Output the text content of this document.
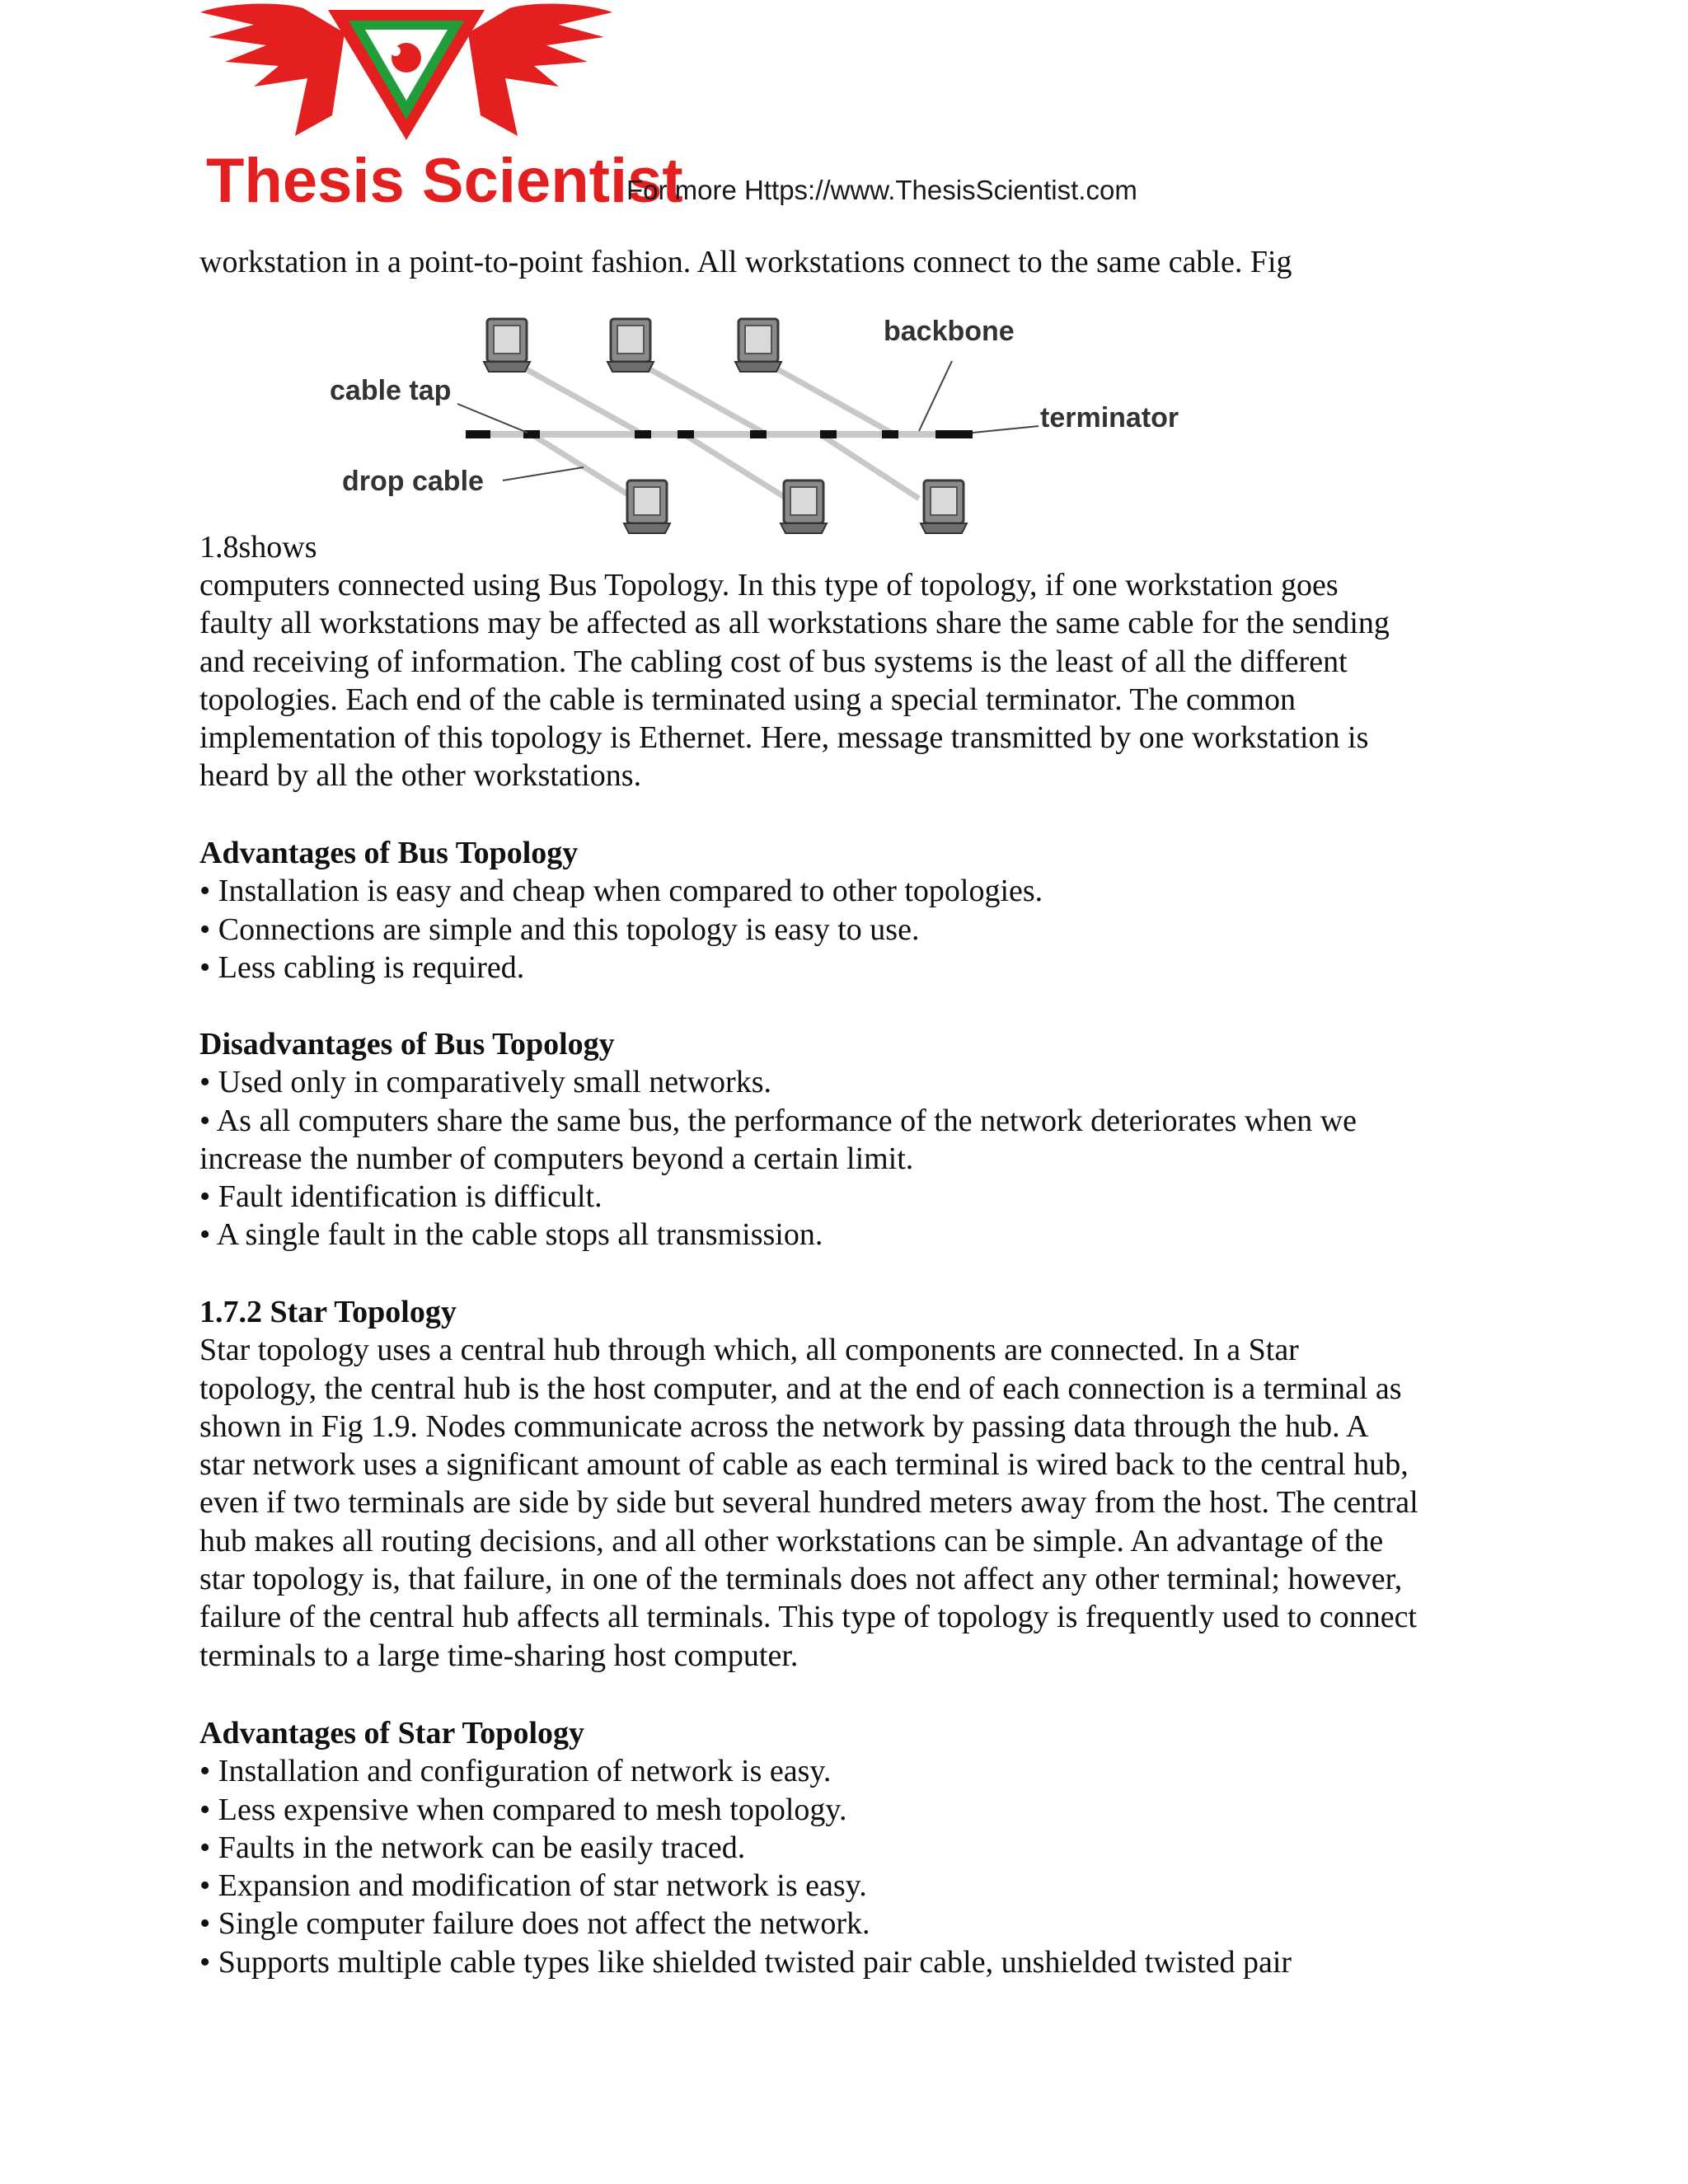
Thesis Scientist
For more Https://www.ThesisScientist.com
workstation in a point-to-point fashion. All workstations connect to the same cable. Fig
backbone
cable tap
terminator
drop cable
1.8shows
computers connected using Bus Topology. In this type of topology, if one workstation goes
faulty all workstations may be affected as all workstations share the same cable for the sending
and receiving of information. The cabling cost of bus systems is the least of all the different
topologies. Each end of the cable is terminated using a special terminator. The common
implementation of this topology is Ethernet. Here, message transmitted by one workstation is
heard by all the other workstations.
Advantages of Bus Topology
• Installation is easy and cheap when compared to other topologies.
• Connections are simple and this topology is easy to use.
• Less cabling is required.
Disadvantages of Bus Topology
• Used only in comparatively small networks.
• As all computers share the same bus, the performance of the network deteriorates when we
increase the number of computers beyond a certain limit.
• Fault identification is difficult.
• A single fault in the cable stops all transmission.
1.7.2 Star Topology
Star topology uses a central hub through which, all components are connected. In a Star
topology, the central hub is the host computer, and at the end of each connection is a terminal as
shown in Fig 1.9. Nodes communicate across the network by passing data through the hub. A
star network uses a significant amount of cable as each terminal is wired back to the central hub,
even if two terminals are side by side but several hundred meters away from the host. The central
hub makes all routing decisions, and all other workstations can be simple. An advantage of the
star topology is, that failure, in one of the terminals does not affect any other terminal; however,
failure of the central hub affects all terminals. This type of topology is frequently used to connect
terminals to a large time-sharing host computer.
Advantages of Star Topology
• Installation and configuration of network is easy.
• Less expensive when compared to mesh topology.
• Faults in the network can be easily traced.
• Expansion and modification of star network is easy.
• Single computer failure does not affect the network.
• Supports multiple cable types like shielded twisted pair cable, unshielded twisted pair
